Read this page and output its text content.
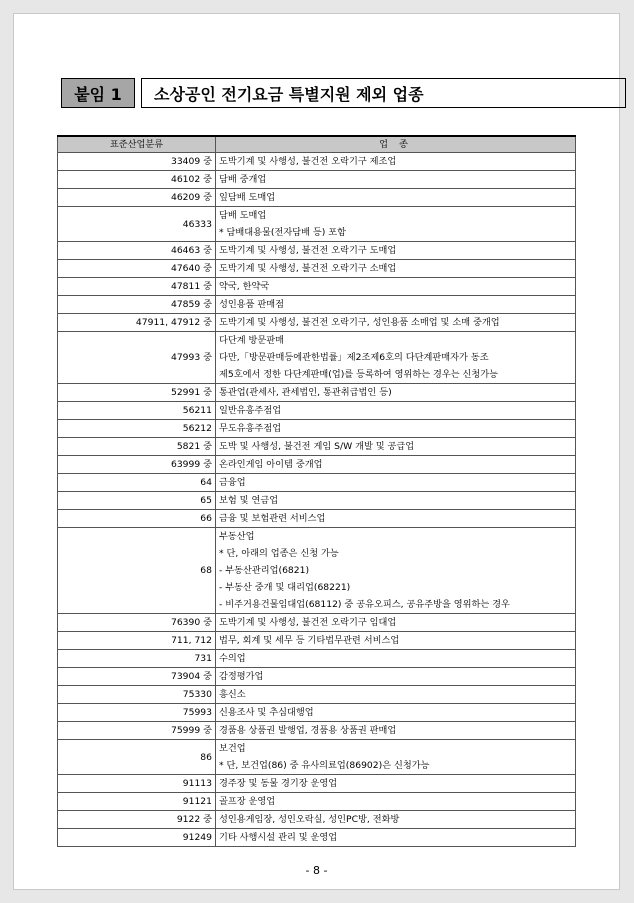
붙임 1	소상공인 전기요금 특별지원 제외 업종
표준산업분류	업 종
33409 중	도박기계 및 사행성, 불건전 오락기구 제조업

46102 중	담배 중개업

46209 중	잎담배 도매업

46333	담배 도매업
* 담배대용물(전자담배 등) 포함

46463 중	도박기계 및 사행성, 불건전 오락기구 도매업

47640 중	도박기계 및 사행성, 불건전 오락기구 소매업

47811 중	약국, 한약국

47859 중	성인용품 판매점

47911, 47912 중	도박기계 및 사행성, 불건전 오락기구, 성인용품 소매업 및 소매 중개업

47993 중	다단계 방문판매
다만,「방문판매등에관한법률」제2조제6호의 다단계판매자가 동조
제5호에서 정한 다단계판매(업)를 등록하여 영위하는 경우는 신청가능

52991 중	통관업(관세사, 관세법인, 통관취급법인 등)

56211	일반유흥주점업

56212	무도유흥주점업

5821 중	도박 및 사행성, 불건전 게임 S/W 개발 및 공급업

63999 중	온라인게임 아이템 중개업

64	금융업

65	보험 및 연금업

66	금융 및 보험관련 서비스업

68	부동산업
* 단, 아래의 업종은 신청 가능
- 부동산관리업(6821)
- 부동산 중개 및 대리업(68221)
- 비주거용건물임대업(68112) 중 공유오피스, 공유주방을 영위하는 경우

76390 중	도박기계 및 사행성, 불건전 오락기구 임대업

711, 712	법무, 회계 및 세무 등 기타법무관련 서비스업

731	수의업

73904 중	감정평가업

75330	흥신소

75993	신용조사 및 추심대행업

75999 중	경품용 상품권 발행업, 경품용 상품권 판매업

86	보건업
* 단, 보건업(86) 중 유사의료업(86902)은 신청가능

91113	경주장 및 동물 경기장 운영업

91121	골프장 운영업

9122 중	성인용게임장, 성인오락실, 성인PC방, 전화방

91249	기타 사행시설 관리 및 운영업
- 8 -
